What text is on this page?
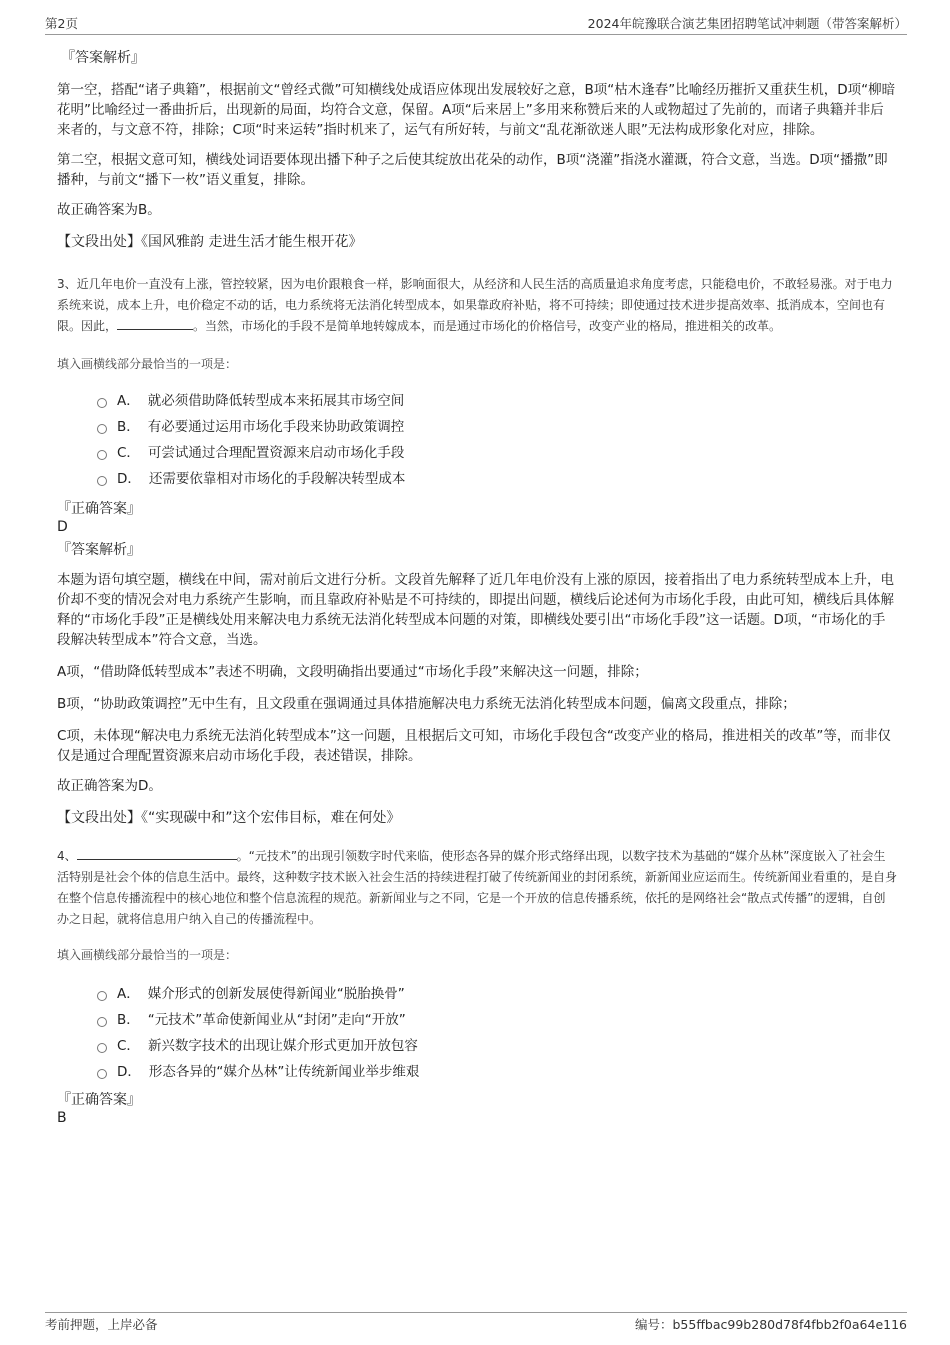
第2页	2024年皖豫联合演艺集团招聘笔试冲刺题（带答案解析）
『答案解析』

第一空，搭配“诸子典籍”，根据前文“曾经式微”可知横线处成语应体现出发展较好之意，B项“枯木逢春”比喻经历摧折又重获生机，D项“柳暗花明”比喻经过一番曲折后，出现新的局面，均符合文意，保留。A项“后来居上”多用来称赞后来的人或物超过了先前的，而诸子典籍并非后来者的，与文意不符，排除；C项“时来运转”指时机来了，运气有所好转，与前文“乱花渐欲迷人眼”无法构成形象化对应，排除。

第二空，根据文意可知，横线处词语要体现出播下种子之后使其绽放出花朵的动作，B项“浇灌”指浇水灌溉，符合文意，当选。D项“播撒”即播种，与前文“播下一枚”语义重复，排除。

故正确答案为B。

【文段出处】《国风雅韵 走进生活才能生根开花》

3、近几年电价一直没有上涨，管控较紧，因为电价跟粮食一样，影响面很大，从经济和人民生活的高质量追求角度考虑，只能稳电价，不敢轻易涨。对于电力系统来说，成本上升，电价稳定不动的话，电力系统将无法消化转型成本，如果靠政府补贴，将不可持续；即使通过技术进步提高效率、抵消成本，空间也有限。因此，	。当然，市场化的手段不是简单地转嫁成本，而是通过市场化的价格信号，改变产业的格局，推进相关的改革。

填入画横线部分最恰当的一项是：

A． 就必须借助降低转型成本来拓展其市场空间
B． 有必要通过运用市场化手段来协助政策调控
C． 可尝试通过合理配置资源来启动市场化手段
D． 还需要依靠相对市场化的手段解决转型成本
『正确答案』
D
『答案解析』

本题为语句填空题，横线在中间，需对前后文进行分析。文段首先解释了近几年电价没有上涨的原因，接着指出了电力系统转型成本上升，电价却不变的情况会对电力系统产生影响，而且靠政府补贴是不可持续的，即提出问题，横线后论述何为市场化手段，由此可知，横线后具体解释的“市场化手段”正是横线处用来解决电力系统无法消化转型成本问题的对策，即横线处要引出“市场化手段”这一话题。D项，“市场化的手段解决转型成本”符合文意，当选。

A项，“借助降低转型成本”表述不明确，文段明确指出要通过“市场化手段”来解决这一问题，排除；

B项，“协助政策调控”无中生有，且文段重在强调通过具体措施解决电力系统无法消化转型成本问题，偏离文段重点，排除；

C项，未体现“解决电力系统无法消化转型成本”这一问题，且根据后文可知，市场化手段包含“改变产业的格局，推进相关的改革”等，而非仅仅是通过合理配置资源来启动市场化手段，表述错误，排除。

故正确答案为D。

【文段出处】《“实现碳中和”这个宏伟目标，难在何处》

4、	。“元技术”的出现引领数字时代来临，使形态各异的媒介形式络绎出现，以数字技术为基础的“媒介丛林”深度嵌入了社会生活特别是社会个体的信息生活中。最终，这种数字技术嵌入社会生活的持续进程打破了传统新闻业的封闭系统，新新闻业应运而生。传统新闻业看重的，是自身在整个信息传播流程中的核心地位和整个信息流程的规范。新新闻业与之不同，它是一个开放的信息传播系统，依托的是网络社会“散点式传播”的逻辑，自创办之日起，就将信息用户纳入自己的传播流程中。

填入画横线部分最恰当的一项是：

A． 媒介形式的创新发展使得新闻业“脱胎换骨”
B． “元技术”革命使新闻业从“封闭”走向“开放”
C． 新兴数字技术的出现让媒介形式更加开放包容
D． 形态各异的“媒介丛林”让传统新闻业举步维艰
『正确答案』
B
考前押题，上岸必备	编号：b55ffbac99b280d78f4fbb2f0a64e116
